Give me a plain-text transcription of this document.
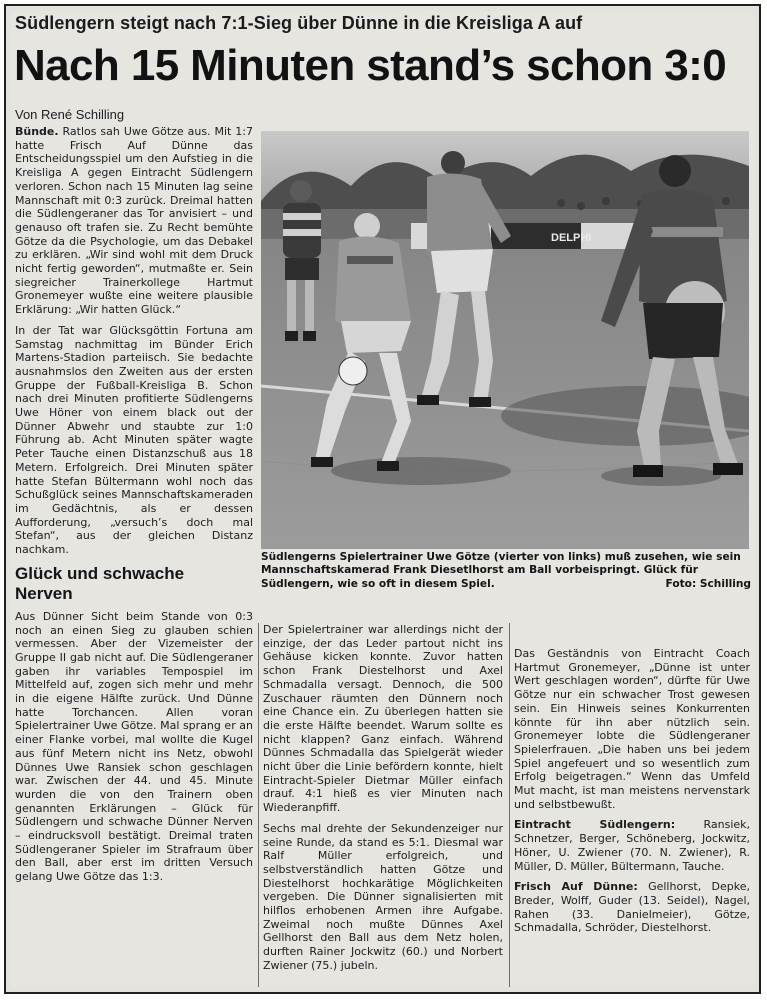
Südlengern steigt nach 7:1-Sieg über Dünne in die Kreisliga A auf
Nach 15 Minuten stand’s schon 3:0
Von René Schilling

Bünde. Ratlos sah Uwe Götze aus. Mit 1:7 hatte Frisch Auf Dünne das Entscheidungsspiel um den Aufstieg in die Kreisliga A gegen Eintracht Südlengern verloren. Schon nach 15 Minuten lag seine Mannschaft mit 0:3 zurück. Dreimal hatten die Südlengeraner das Tor anvisiert – und genauso oft trafen sie. Zu Recht bemühte Götze da die Psychologie, um das Debakel zu erklären. „Wir sind wohl mit dem Druck nicht fertig geworden“, mutmaßte er. Sein siegreicher Trainerkollege Hartmut Gronemeyer wußte eine weitere plausible Erklärung: „Wir hatten Glück.“

In der Tat war Glücksgöttin Fortuna am Samstag nachmittag im Bünder Erich Martens-Stadion parteiisch. Sie bedachte ausnahmslos den Zweiten aus der ersten Gruppe der Fußball-Kreisliga B. Schon nach drei Minuten profitierte Südlengerns Uwe Höner von einem black out der Dünner Abwehr und staubte zur 1:0 Führung ab. Acht Minuten später wagte Peter Tauche einen Distanzschuß aus 18 Metern. Erfolgreich. Drei Minuten später hatte Stefan Bültermann wohl noch das Schußglück seines Mannschaftskameraden im Gedächtnis, als er dessen Aufforderung, „versuch’s doch mal Stefan“, aus der gleichen Distanz nachkam.

Glück und schwache Nerven

Aus Dünner Sicht beim Stande von 0:3 noch an einen Sieg zu glauben schien vermessen. Aber der Vizemeister der Gruppe II gab nicht auf. Die Südlengeraner gaben ihr variables Tempospiel im Mittelfeld auf, zogen sich mehr und mehr in die eigene Hälfte zurück. Und Dünne hatte Torchancen. Allen voran Spielertrainer Uwe Götze. Mal sprang er an einer Flanke vorbei, mal wollte die Kugel aus fünf Metern nicht ins Netz, obwohl Dünnes Uwe Ransiek schon geschlagen war. Zwischen der 44. und 45. Minute wurden die von den Trainern oben genannten Erklärungen – Glück für Südlengern und schwache Dünner Nerven – eindrucksvoll bestätigt. Dreimal traten Südlengeraner Spieler im Strafraum über den Ball, aber erst im dritten Versuch gelang Uwe Götze das 1:3.

DELPHI
Südlengerns Spielertrainer Uwe Götze (vierter von links) muß zusehen, wie sein Mannschaftskamerad Frank Diesetlhorst am Ball vorbeispringt. Glück für Südlengern, wie so oft in diesem Spiel.	Foto: Schilling

Der Spielertrainer war allerdings nicht der einzige, der das Leder partout nicht ins Gehäuse kicken konnte. Zuvor hatten schon Frank Diestelhorst und Axel Schmadalla versagt. Dennoch, die 500 Zuschauer räumten den Dünnern noch eine Chance ein. Zu überlegen hatten sie die erste Hälfte beendet. Warum sollte es nicht klappen? Ganz einfach. Während Dünnes Schmadalla das Spielgerät wieder nicht über die Linie befördern konnte, hielt Eintracht-Spieler Dietmar Müller einfach drauf. 4:1 hieß es vier Minuten nach Wiederanpfiff.

Sechs mal drehte der Sekundenzeiger nur seine Runde, da stand es 5:1. Diesmal war Ralf Müller erfolgreich, und selbstverständlich hatten Götze und Diestelhorst hochkarätige Möglichkeiten vergeben. Die Dünner signalisierten mit hilflos erhobenen Armen ihre Aufgabe. Zweimal noch mußte Dünnes Axel Gellhorst den Ball aus dem Netz holen, durften Rainer Jockwitz (60.) und Norbert Zwiener (75.) jubeln.

Das Geständnis von Eintracht Coach Hartmut Gronemeyer, „Dünne ist unter Wert geschlagen worden“, dürfte für Uwe Götze nur ein schwacher Trost gewesen sein. Ein Hinweis seines Konkurrenten könnte für ihn aber nützlich sein. Gronemeyer lobte die Südlengeraner Spielerfrauen. „Die haben uns bei jedem Spiel angefeuert und so wesentlich zum Erfolg beigetragen.“ Wenn das Umfeld Mut macht, ist man meistens nervenstark und selbstbewußt.

Eintracht Südlengern:	Ransiek, Schnetzer, Berger, Schöneberg, Jockwitz, Höner, U. Zwiener (70. N. Zwiener), R. Müller, D. Müller, Bültermann, Tauche.

Frisch Auf Dünne: Gellhorst, Depke, Breder, Wolff, Guder (13. Seidel), Nagel, Rahen (33. Danielmeier), Götze, Schmadalla, Schröder, Diestelhorst.
